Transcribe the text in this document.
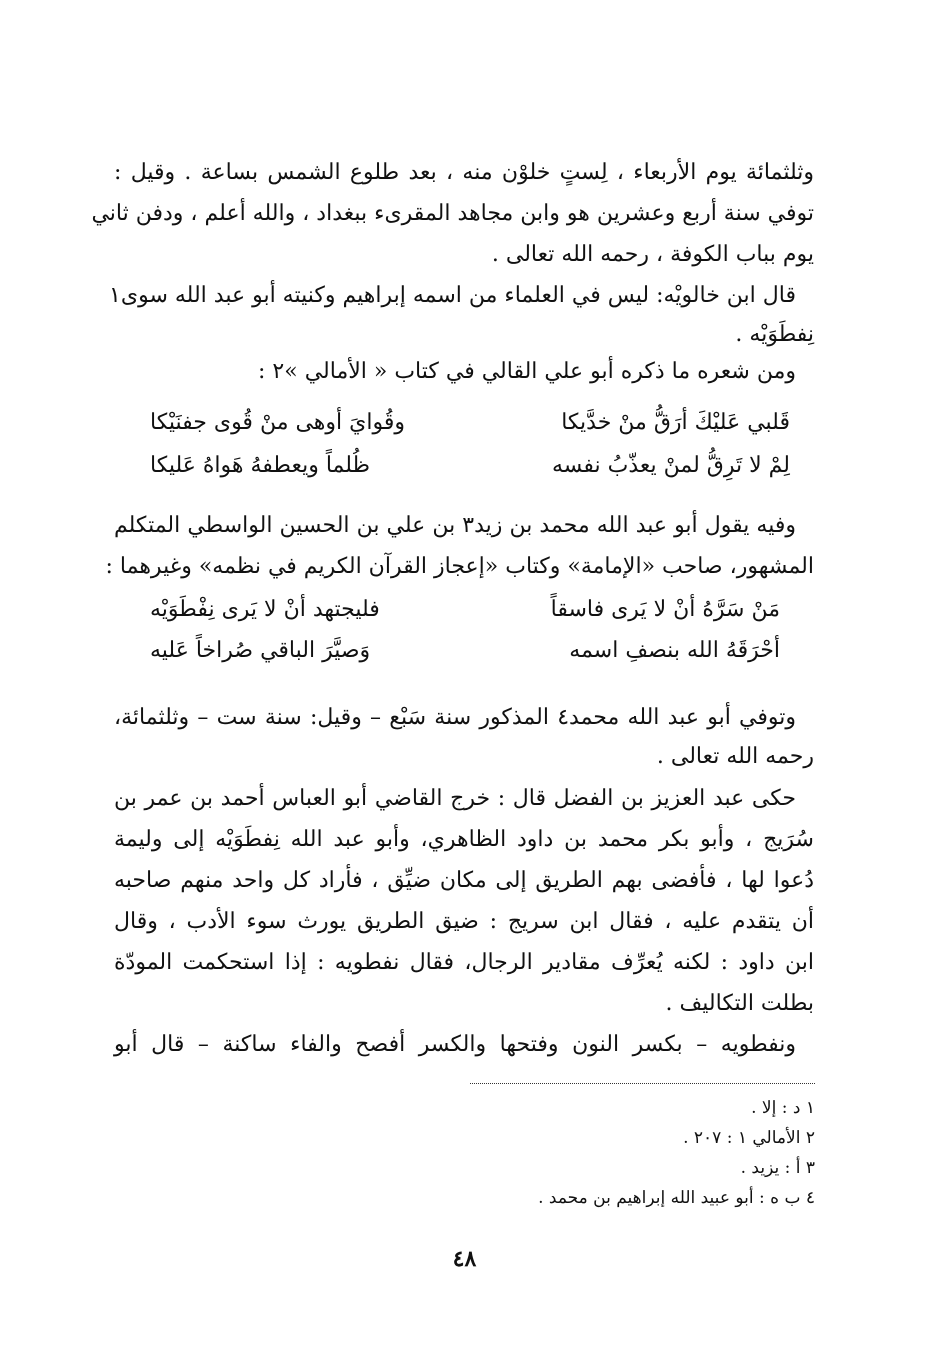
وثلثمائة يوم الأربعاء ، لِستٍ خلوْن منه ، بعد طلوع الشمس بساعة . وقيل :
توفي سنة أربع وعشرين هو وابن مجاهد المقرىء ببغداد ، والله أعلم ، ودفن ثاني
يوم بباب الكوفة ، رحمه الله تعالى .
قال ابن خالويْه: ليس في العلماء من اسمه إبراهيم وكنيته أبو عبد الله سوى١
نِفطَوَيْه .
ومن شعره ما ذكره أبو علي القالي في كتاب « الأمالي »٢ :
قَلبي عَليْكَ أرَقُّ منْ خدَّيكا
وقُوايَ أوهى منْ قُوى جفنَيْكا
لِمْ لا تَرِقُّ لمنْ يعذّبُ نفسه
ظُلماً ويعطفهُ هَواهُ عَليكا
وفيه يقول أبو عبد الله محمد بن زيد٣ بن علي بن الحسين الواسطي المتكلم
المشهور، صاحب «الإمامة» وكتاب «إعجاز القرآن الكريم في نظمه» وغيرهما :
مَنْ سَرَّهُ أنْ لا يَرى فاسقاً
فليجتهد أنْ لا يَرى نِفْطَوَيْه
أحْرَقَهُ الله بنصفِ اسمه
وَصيَّرَ الباقي صُراخاً عَليه
وتوفي أبو عبد الله محمد٤ المذكور سنة سَبْع – وقيل: سنة ست – وثلثمائة،
رحمه الله تعالى .
حكى عبد العزيز بن الفضل قال : خرج القاضي أبو العباس أحمد بن عمر بن
سُرَيج ، وأبو بكر محمد بن داود الظاهري، وأبو عبد الله نِفطَوَيْه إلى وليمة
دُعوا لها ، فأفضى بهم الطريق إلى مكان ضيِّق ، فأراد كل واحد منهم صاحبه
أن يتقدم عليه ، فقال ابن سريج : ضيق الطريق يورث سوء الأدب ، وقال
ابن داود : لكنه يُعرِّف مقادير الرجال، فقال نفطويه : إذا استحكمت المودّة
بطلت التكاليف .
ونفطويه – بكسر النون وفتحها والكسر أفصح والفاء ساكنة – قال أبو
١ د : إلا .
٢ الأمالي ١ : ٢٠٧ .
٣ أ : يزيد .
٤ ب ه : أبو عبيد الله إبراهيم بن محمد .
٤٨
